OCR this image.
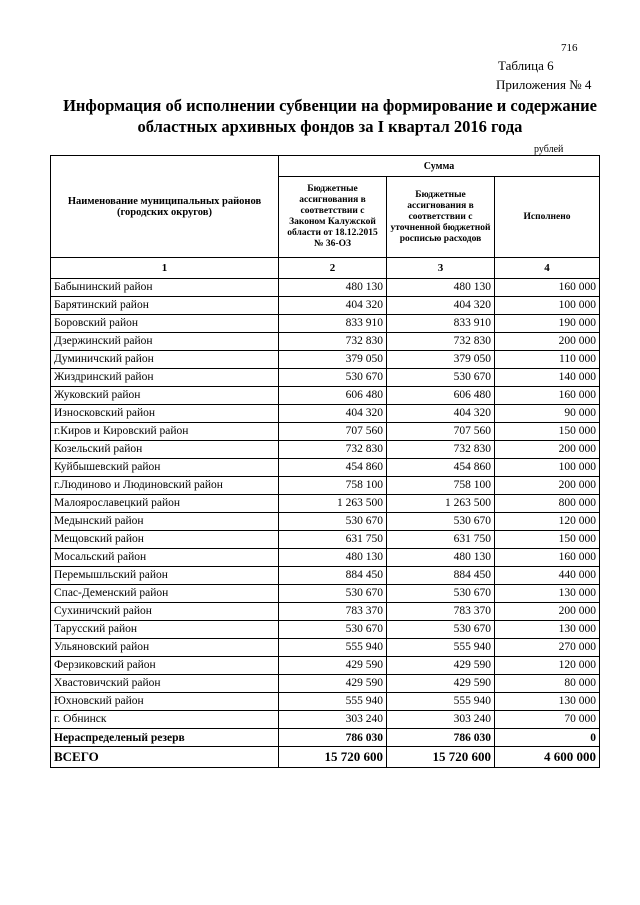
716
Таблица 6
Приложения № 4
Информация об исполнении субвенции на формирование и содержание
областных архивных фондов за I квартал 2016 года
рублей
Наименование муниципальных районов (городских округов)	Сумма		
	Бюджетные ассигнования в соответствии с Законом Калужской области от 18.12.2015 № 36-ОЗ	Бюджетные ассигнования в соответствии с уточненной бюджетной росписью расходов	Исполнено
1	2	3	4
Бабынинский район	480 130	480 130	160 000
Барятинский район	404 320	404 320	100 000
Боровский район	833 910	833 910	190 000
Дзержинский район	732 830	732 830	200 000
Думиничский район	379 050	379 050	110 000
Жиздринский район	530 670	530 670	140 000
Жуковский район	606 480	606 480	160 000
Износковский район	404 320	404 320	90 000
г.Киров и Кировский район	707 560	707 560	150 000
Козельский район	732 830	732 830	200 000
Куйбышевский район	454 860	454 860	100 000
г.Людиново и Людиновский район	758 100	758 100	200 000
Малоярославецкий район	1 263 500	1 263 500	800 000
Медынский район	530 670	530 670	120 000
Мещовский район	631 750	631 750	150 000
Мосальский район	480 130	480 130	160 000
Перемышльский район	884 450	884 450	440 000
Спас-Деменский район	530 670	530 670	130 000
Сухиничский район	783 370	783 370	200 000
Тарусский район	530 670	530 670	130 000
Ульяновский район	555 940	555 940	270 000
Ферзиковский район	429 590	429 590	120 000
Хвастовичский район	429 590	429 590	80 000
Юхновский район	555 940	555 940	130 000
г. Обнинск	303 240	303 240	70 000
Нераспределеный резерв	786 030	786 030	0
ВСЕГО	15 720 600	15 720 600	4 600 000
